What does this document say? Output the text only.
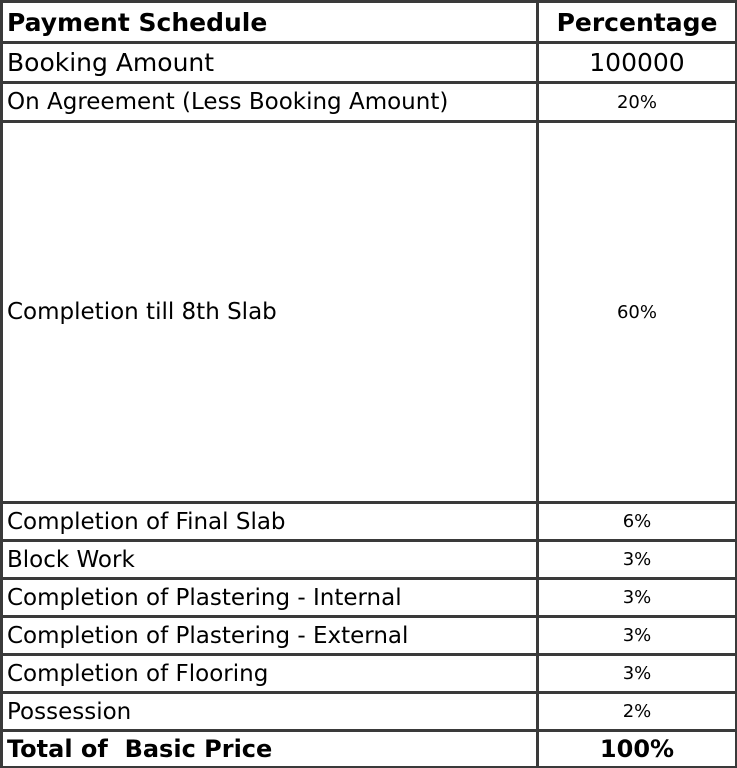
Payment Schedule	Percentage
Booking Amount	100000
On Agreement (Less Booking Amount)	20%
Completion till 8th Slab	60%
Completion of Final Slab	6%
Block Work	3%
Completion of Plastering - Internal	3%
Completion of Plastering - External	3%
Completion of Flooring	3%
Possession	2%
Total of  Basic Price	100%
